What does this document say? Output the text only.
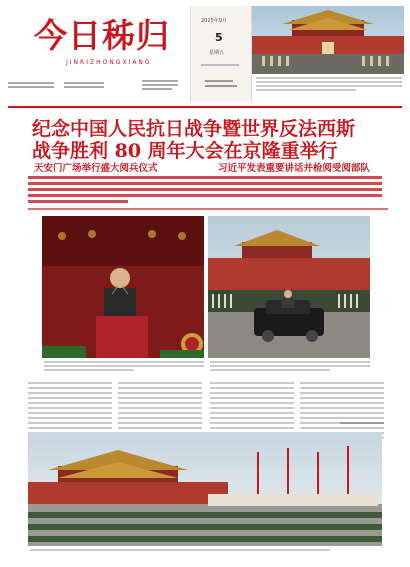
今日秭归
JINRIZHONGXIANG
2025年9月
5
星期五
纪念中国人民抗日战争暨世界反法西斯
战争胜利 80 周年大会在京隆重举行
天安门广场举行盛大阅兵仪式	习近平发表重要讲话并检阅受阅部队
